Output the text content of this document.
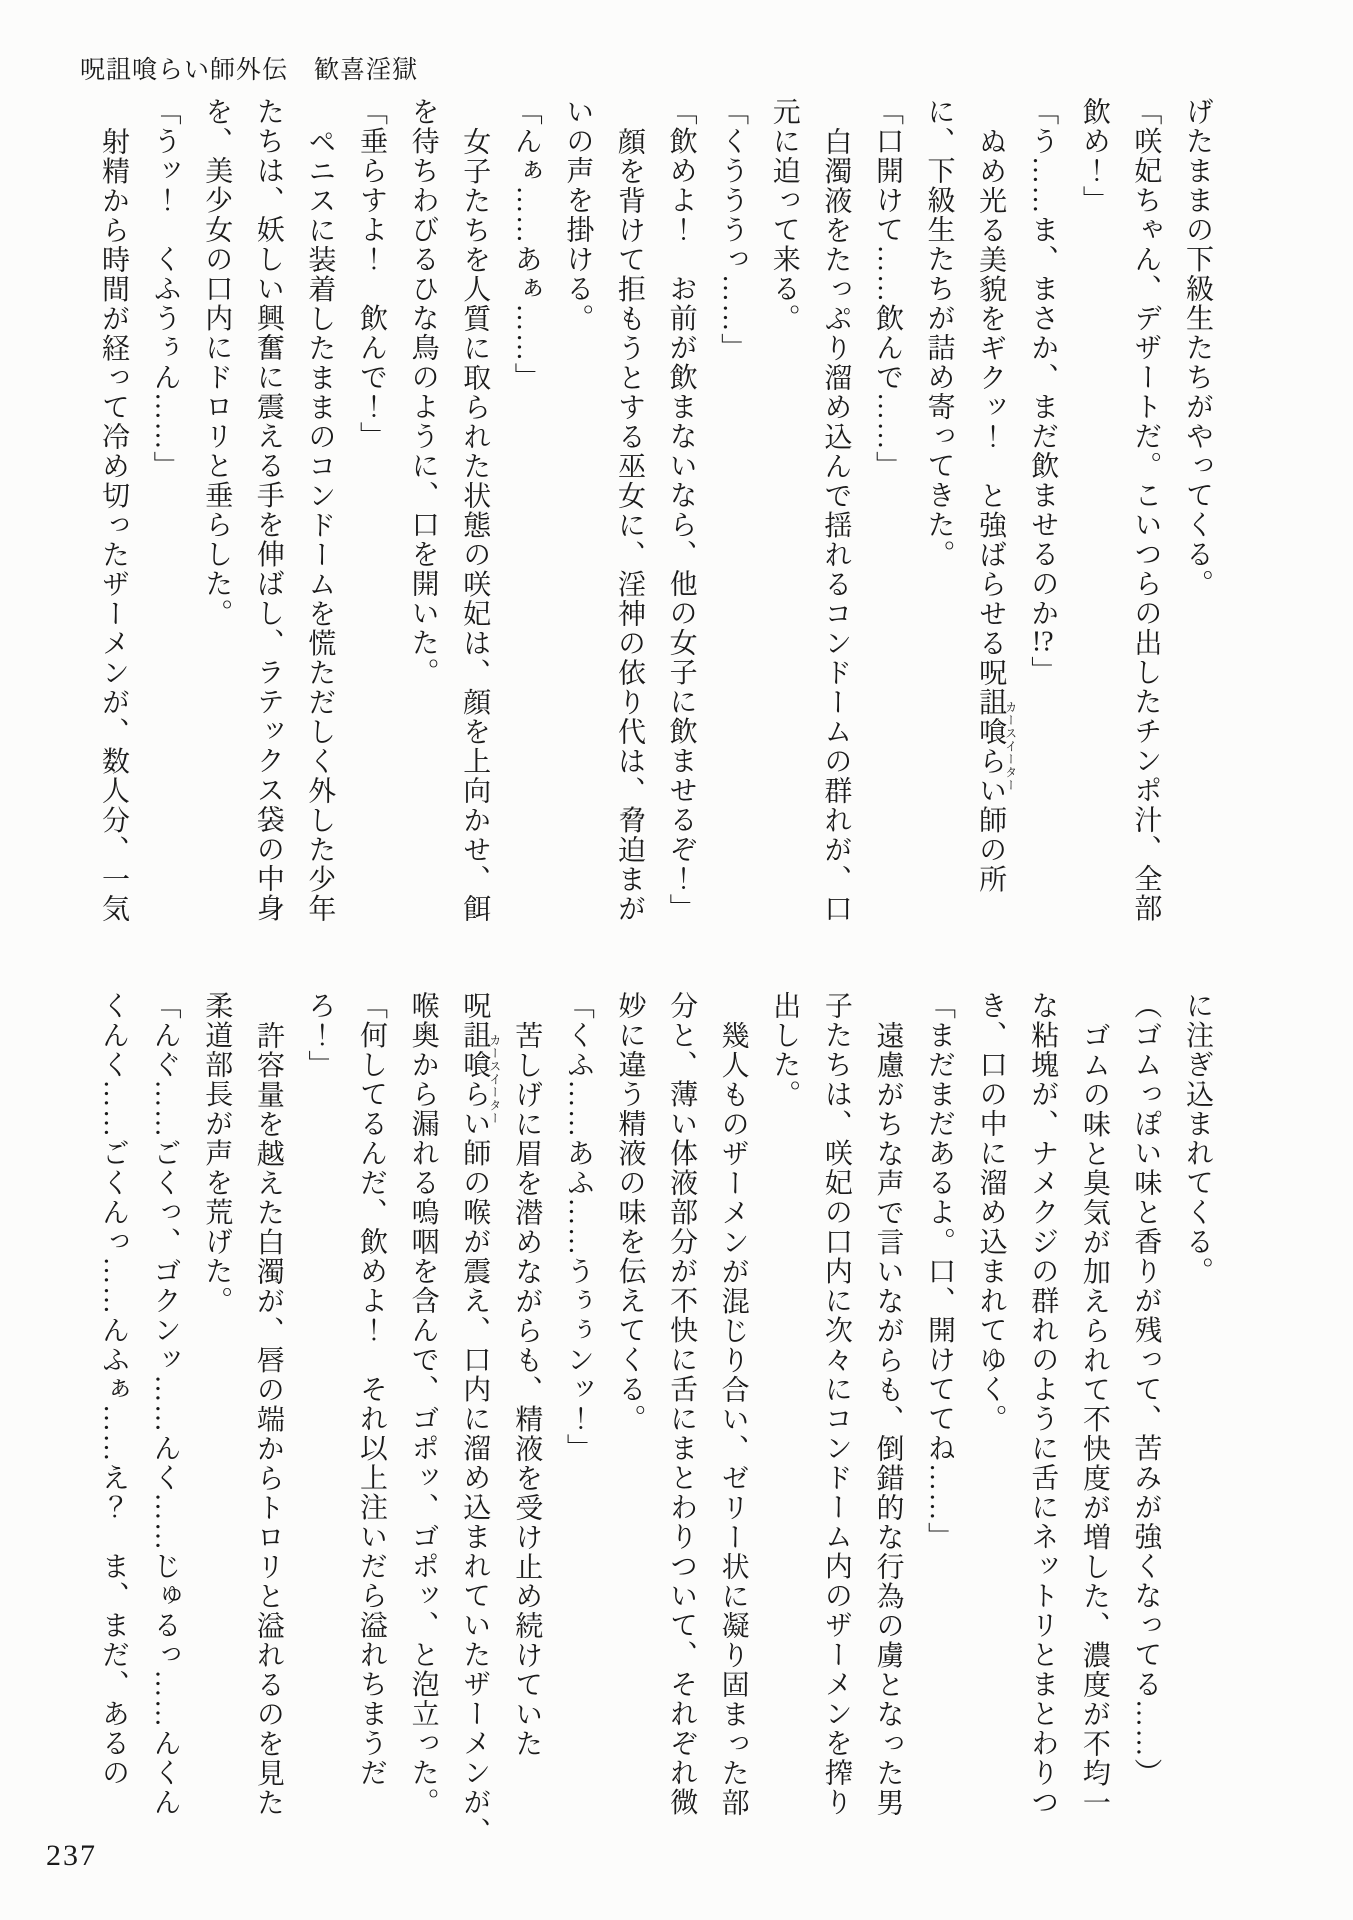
呪詛喰らい師外伝　歓喜淫獄
げたままの下級生たちがやってくる。
「咲妃ちゃん、デザートだ。こいつらの出したチンポ汁、全部
飲め！」
「う……ま、まさか、まだ飲ませるのか!?」
ぬめ光る美貌をギクッ！　と強ばらせる呪詛喰らい師カースイーターの所
に、下級生たちが詰め寄ってきた。
「口開けて……飲んで……」
白濁液をたっぷり溜め込んで揺れるコンドームの群れが、口
元に迫って来る。
「くうううっ……」
「飲めよ！　お前が飲まないなら、他の女子に飲ませるぞ！」
顔を背けて拒もうとする巫女に、淫神の依り代は、脅迫まが
いの声を掛ける。
「んぁ……あぁ……」
女子たちを人質に取られた状態の咲妃は、顔を上向かせ、餌
を待ちわびるひな鳥のように、口を開いた。
「垂らすよ！　飲んで！」
ペニスに装着したままのコンドームを慌ただしく外した少年
たちは、妖しい興奮に震える手を伸ばし、ラテックス袋の中身
を、美少女の口内にドロリと垂らした。
「うッ！　くふうぅん……」
射精から時間が経って冷め切ったザーメンが、数人分、一気
に注ぎ込まれてくる。
（ゴムっぽい味と香りが残って、苦みが強くなってる……）
ゴムの味と臭気が加えられて不快度が増した、濃度が不均一
な粘塊が、ナメクジの群れのように舌にネットリとまとわりつ
き、口の中に溜め込まれてゆく。
「まだまだあるよ。口、開けててね……」
遠慮がちな声で言いながらも、倒錯的な行為の虜となった男
子たちは、咲妃の口内に次々にコンドーム内のザーメンを搾り
出した。
幾人ものザーメンが混じり合い、ゼリー状に凝り固まった部
分と、薄い体液部分が不快に舌にまとわりついて、それぞれ微
妙に違う精液の味を伝えてくる。
「くふ……あふ……うぅぅンッ！」
苦しげに眉を潜めながらも、精液を受け止め続けていた
呪詛喰らい師カースイーターの喉が震え、口内に溜め込まれていたザーメンが、
喉奥から漏れる嗚咽を含んで、ゴポッ、ゴポッ、と泡立った。
「何してるんだ、飲めよ！　それ以上注いだら溢れちまうだ
ろ！」
許容量を越えた白濁が、唇の端からトロリと溢れるのを見た
柔道部長が声を荒げた。
「んぐ……ごくっ、ゴクンッ……んく……じゅるっ……んくん
くんく……ごくんっ……んふぁ……え？　ま、まだ、あるの
237
